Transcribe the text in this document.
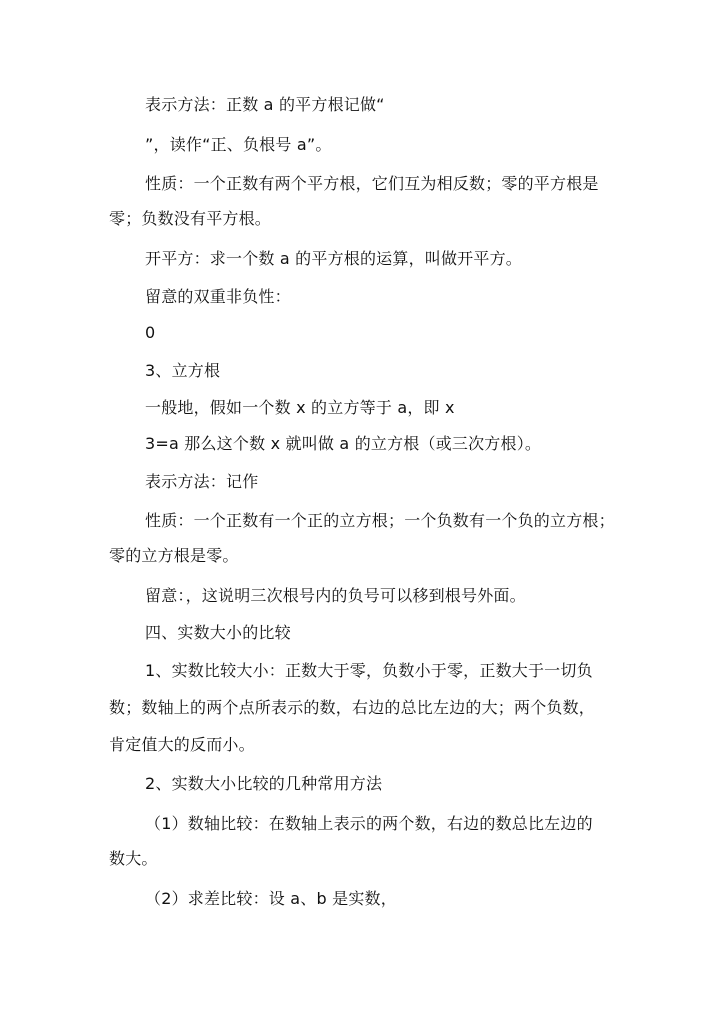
表示方法：正数 a 的平方根记做“
”，读作“正、负根号 a”。
性质：一个正数有两个平方根，它们互为相反数；零的平方根是
零；负数没有平方根。
开平方：求一个数 a 的平方根的运算，叫做开平方。
留意的双重非负性：
0
3、立方根
一般地，假如一个数 x 的立方等于 a，即 x
3=a 那么这个数 x 就叫做 a 的立方根（或三次方根）。
表示方法：记作
性质：一个正数有一个正的立方根；一个负数有一个负的立方根；
零的立方根是零。
留意：，这说明三次根号内的负号可以移到根号外面。
四、实数大小的比较
1、实数比较大小：正数大于零，负数小于零，正数大于一切负
数；数轴上的两个点所表示的数，右边的总比左边的大；两个负数，
肯定值大的反而小。
2、实数大小比较的几种常用方法
（1）数轴比较：在数轴上表示的两个数，右边的数总比左边的
数大。
（2）求差比较：设 a、b 是实数，
